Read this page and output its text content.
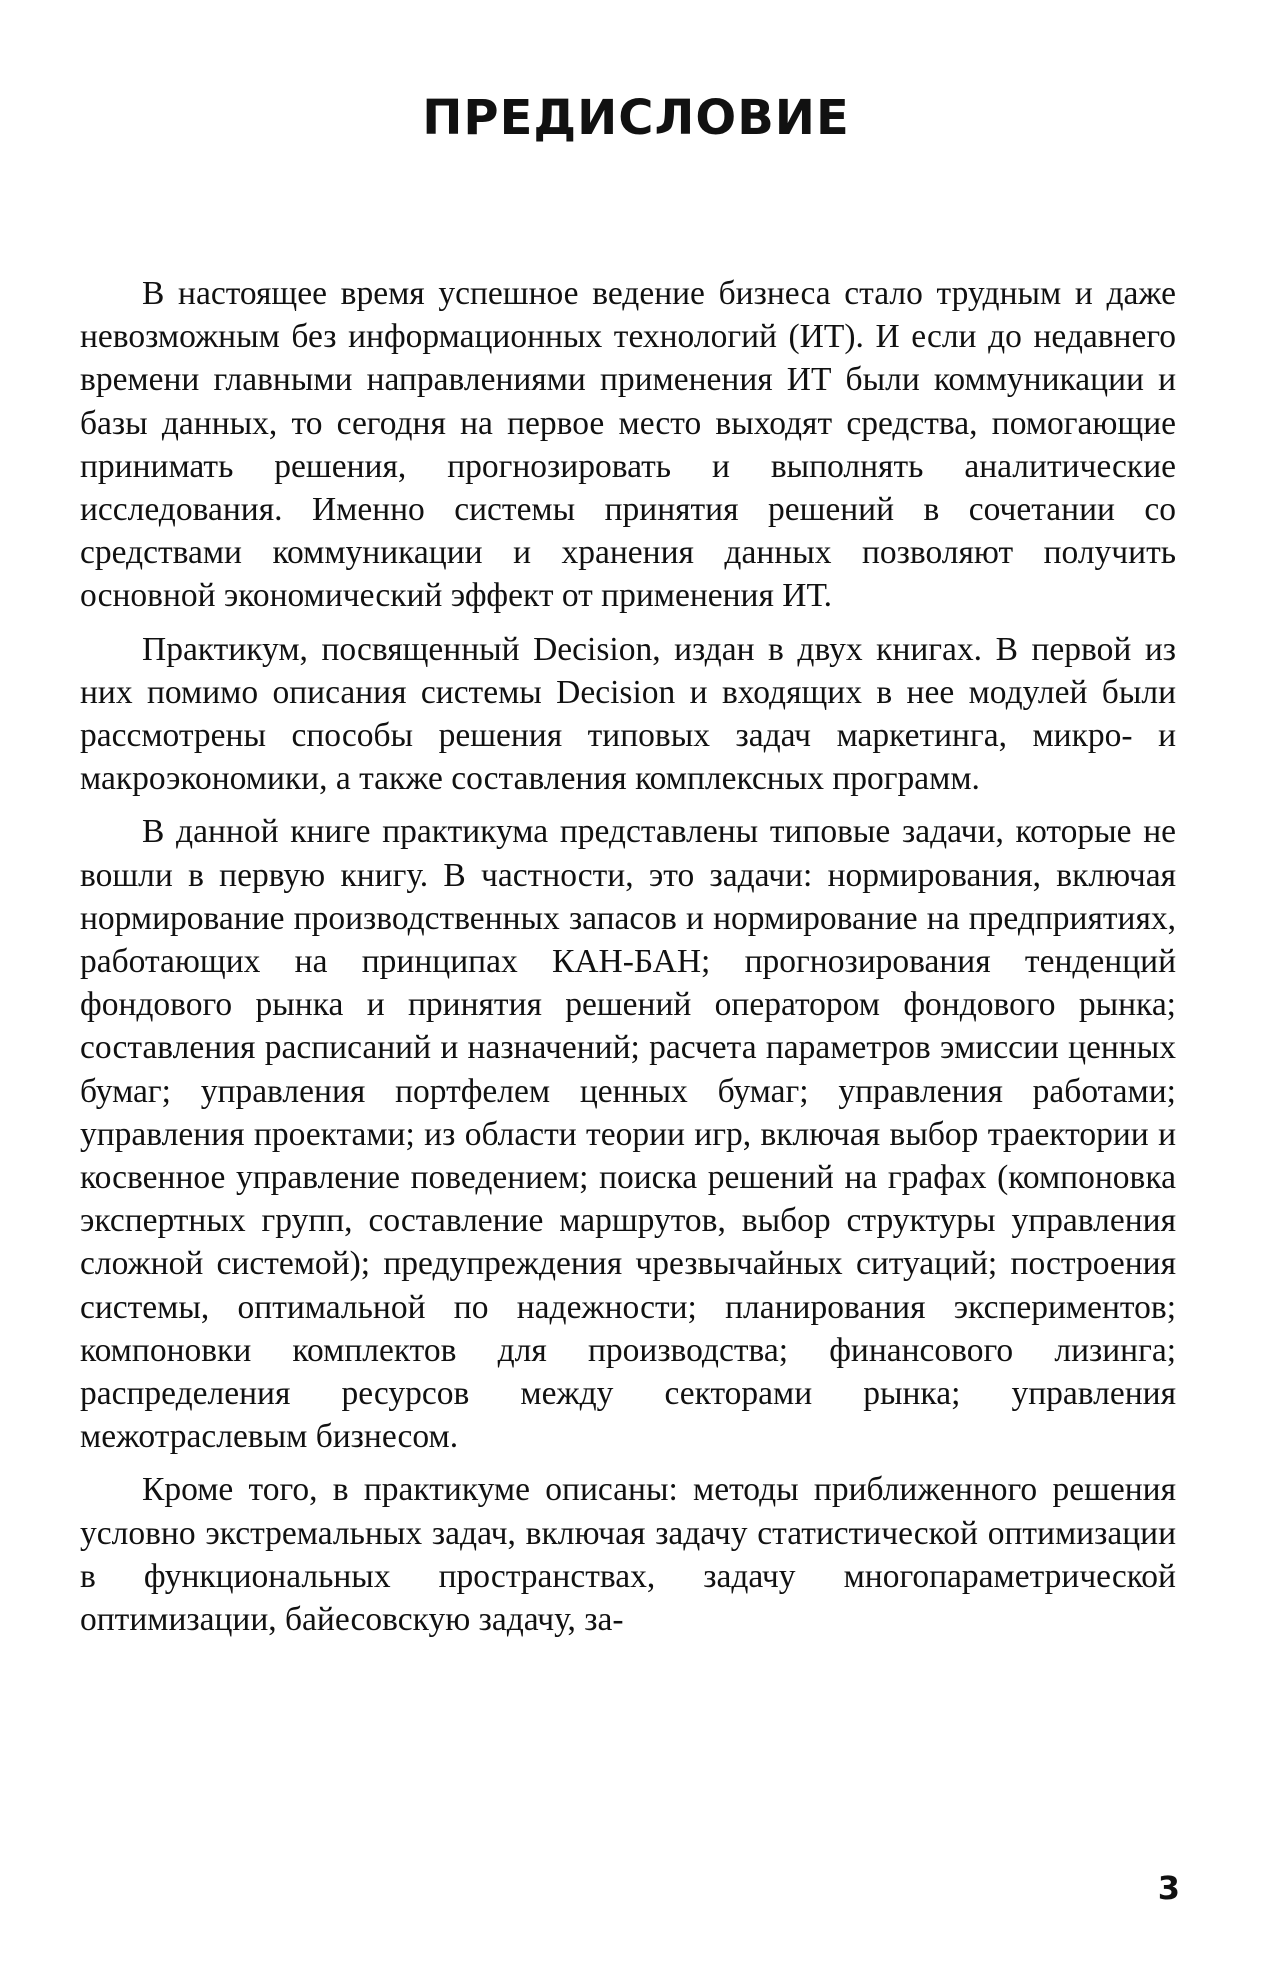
ПРЕДИСЛОВИЕ

В настоящее время успешное ведение бизнеса стало трудным и даже невозможным без информационных технологий (ИТ). И если до недавнего времени главными направлениями применения ИТ были коммуникации и базы данных, то сегодня на первое место выходят средства, помогающие принимать решения, прогнозировать и выполнять аналитические исследования. Именно системы принятия решений в сочетании со средствами коммуникации и хранения данных позволяют получить основной экономический эффект от применения ИТ.

Практикум, посвященный Decision, издан в двух книгах. В первой из них помимо описания системы Decision и входящих в нее модулей были рассмотрены способы решения типовых задач маркетинга, микро- и макроэкономики, а также составления комплексных программ.

В данной книге практикума представлены типовые задачи, которые не вошли в первую книгу. В частности, это задачи: нормирования, включая нормирование производственных запасов и нормирование на предприятиях, работающих на принципах КАН-БАН; прогнозирования тенденций фондового рынка и принятия решений оператором фондового рынка; составления расписаний и назначений; расчета параметров эмиссии ценных бумаг; управления портфелем ценных бумаг; управления работами; управления проектами; из области теории игр, включая выбор траектории и косвенное управление поведением; поиска решений на графах (компоновка экспертных групп, составление маршрутов, выбор структуры управления сложной системой); предупреждения чрезвычайных ситуаций; построения системы, оптимальной по надежности; планирования экспериментов; компоновки комплектов для производства; финансового лизинга; распределения ресурсов между секторами рынка; управления межотраслевым бизнесом.

Кроме того, в практикуме описаны: методы приближенного решения условно экстремальных задач, включая задачу статистической оптимизации в функциональных пространствах, задачу многопараметрической оптимизации, байесовскую задачу, за-

3
